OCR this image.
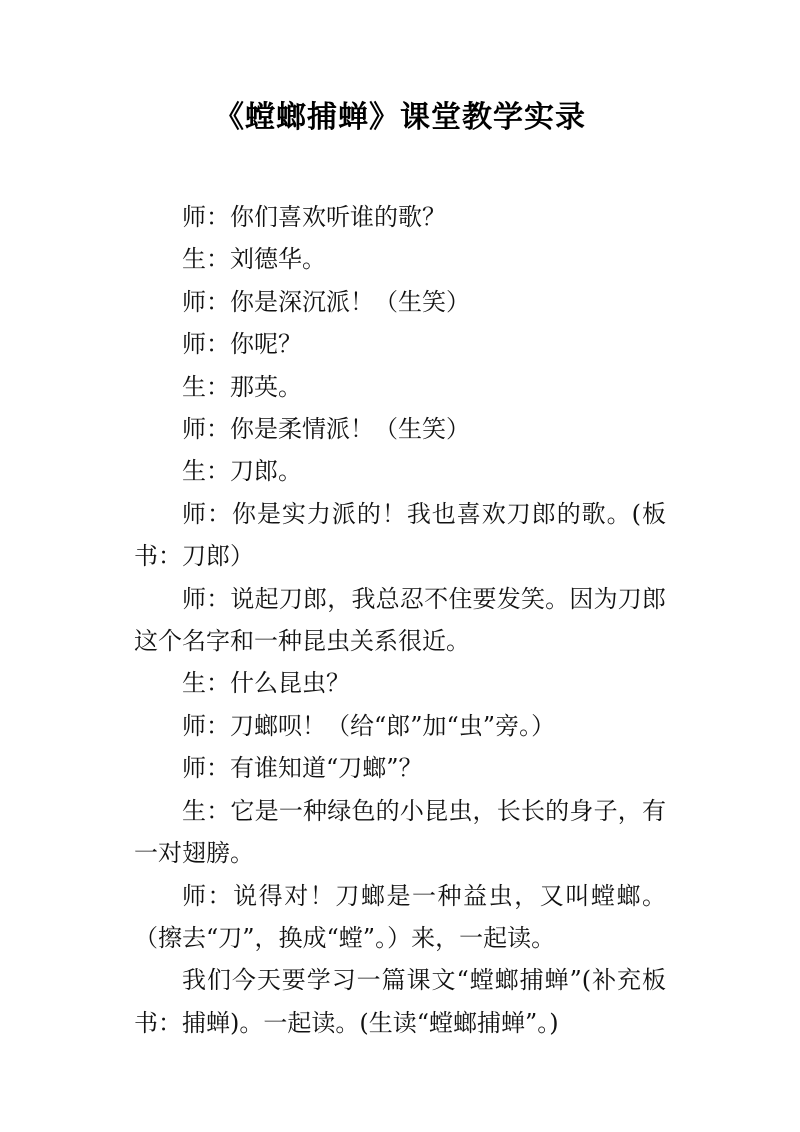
《螳螂捕蝉》课堂教学实录

师：你们喜欢听谁的歌？

生：刘德华。

师：你是深沉派！（生笑）

师：你呢？

生：那英。

师：你是柔情派！（生笑）

生：刀郎。

师：你是实力派的！我也喜欢刀郎的歌。(板书：刀郎）

师：说起刀郎，我总忍不住要发笑。因为刀郎这个名字和一种昆虫关系很近。

生：什么昆虫？

师：刀螂呗！（给“郎”加“虫”旁。）

师：有谁知道“刀螂”？

生：它是一种绿色的小昆虫，长长的身子，有一对翅膀。

师：说得对！刀螂是一种益虫，又叫螳螂。（擦去“刀”，换成“螳”。）来，一起读。

我们今天要学习一篇课文“螳螂捕蝉”(补充板书：捕蝉)。一起读。(生读“螳螂捕蝉”。)
